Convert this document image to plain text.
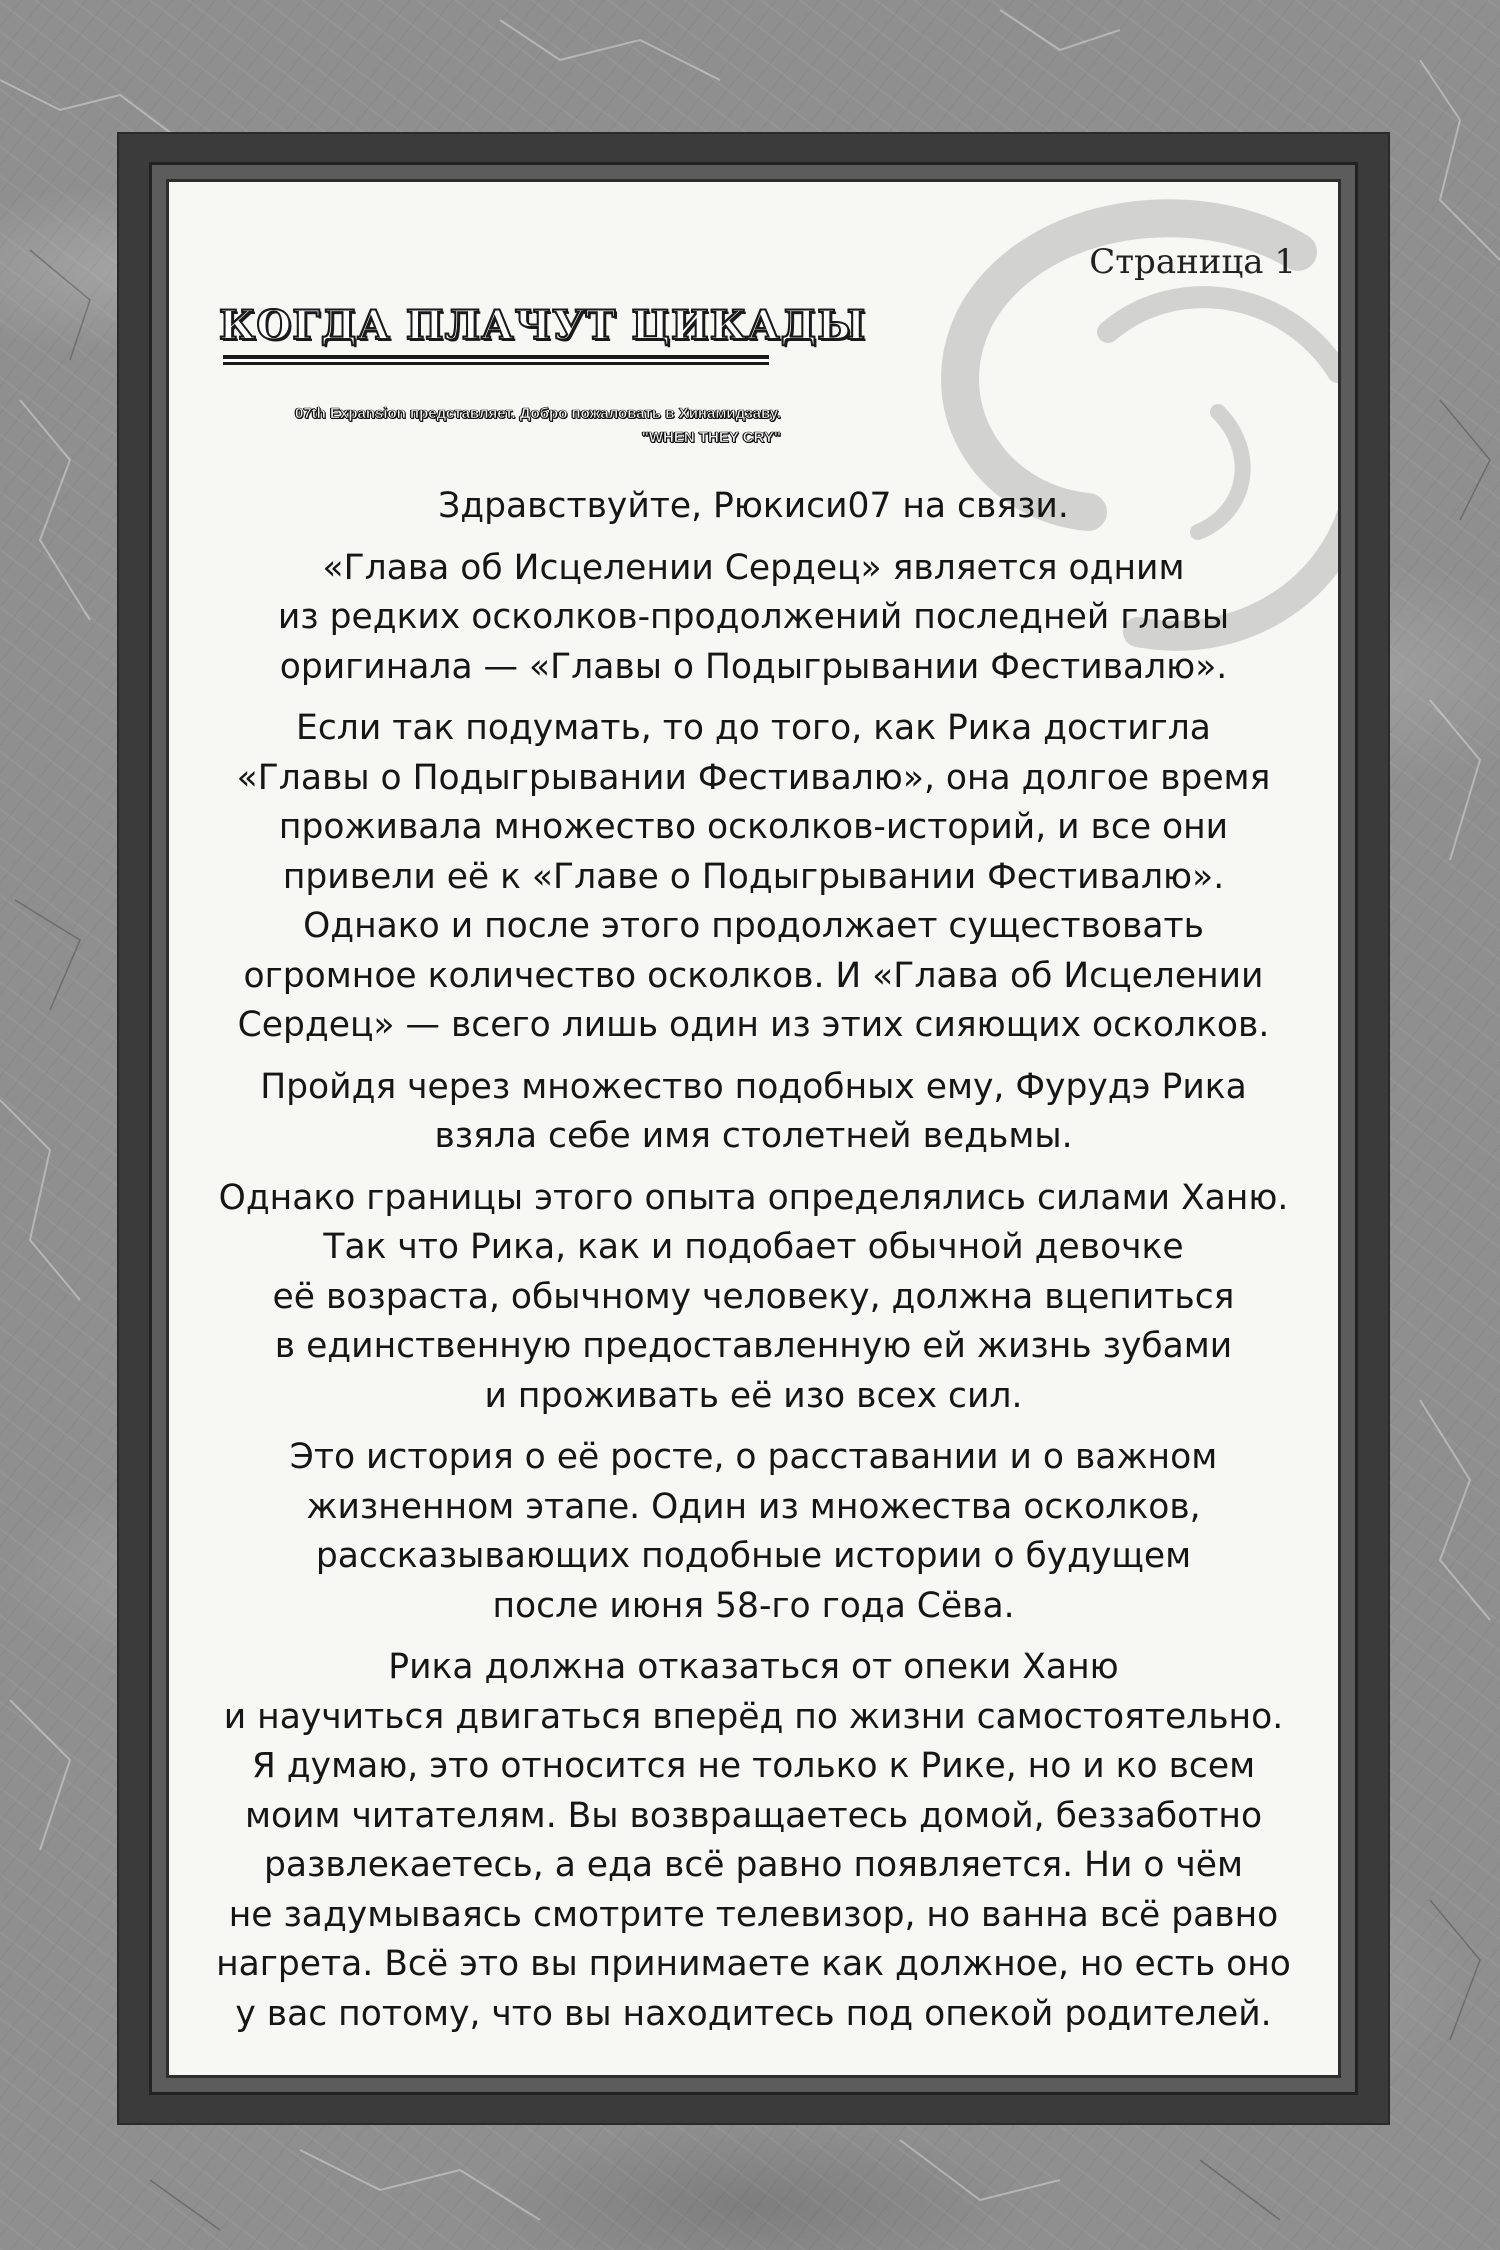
Страница 1
КОГДА ПЛАЧУТ ЦИКАДЫ
07th Expansion представляет. Добро пожаловать в Хинамидзаву.
"WHEN THEY CRY"
Здравствуйте, Рюкиси07 на связи.
«Глава об Исцелении Сердец» является одним
из редких осколков-продолжений последней главы
оригинала — «Главы о Подыгрывании Фестивалю».
Если так подумать, то до того, как Рика достигла
«Главы о Подыгрывании Фестивалю», она долгое время
проживала множество осколков-историй, и все они
привели её к «Главе о Подыгрывании Фестивалю».
Однако и после этого продолжает существовать
огромное количество осколков. И «Глава об Исцелении
Сердец» — всего лишь один из этих сияющих осколков.
Пройдя через множество подобных ему, Фурудэ Рика
взяла себе имя столетней ведьмы.
Однако границы этого опыта определялись силами Ханю.
Так что Рика, как и подобает обычной девочке
её возраста, обычному человеку, должна вцепиться
в единственную предоставленную ей жизнь зубами
и проживать её изо всех сил.
Это история о её росте, о расставании и о важном
жизненном этапе. Один из множества осколков,
рассказывающих подобные истории о будущем
после июня 58-го года Сёва.
Рика должна отказаться от опеки Ханю
и научиться двигаться вперёд по жизни самостоятельно.
Я думаю, это относится не только к Рике, но и ко всем
моим читателям. Вы возвращаетесь домой, беззаботно
развлекаетесь, а еда всё равно появляется. Ни о чём
не задумываясь смотрите телевизор, но ванна всё равно
нагрета. Всё это вы принимаете как должное, но есть оно
у вас потому, что вы находитесь под опекой родителей.
